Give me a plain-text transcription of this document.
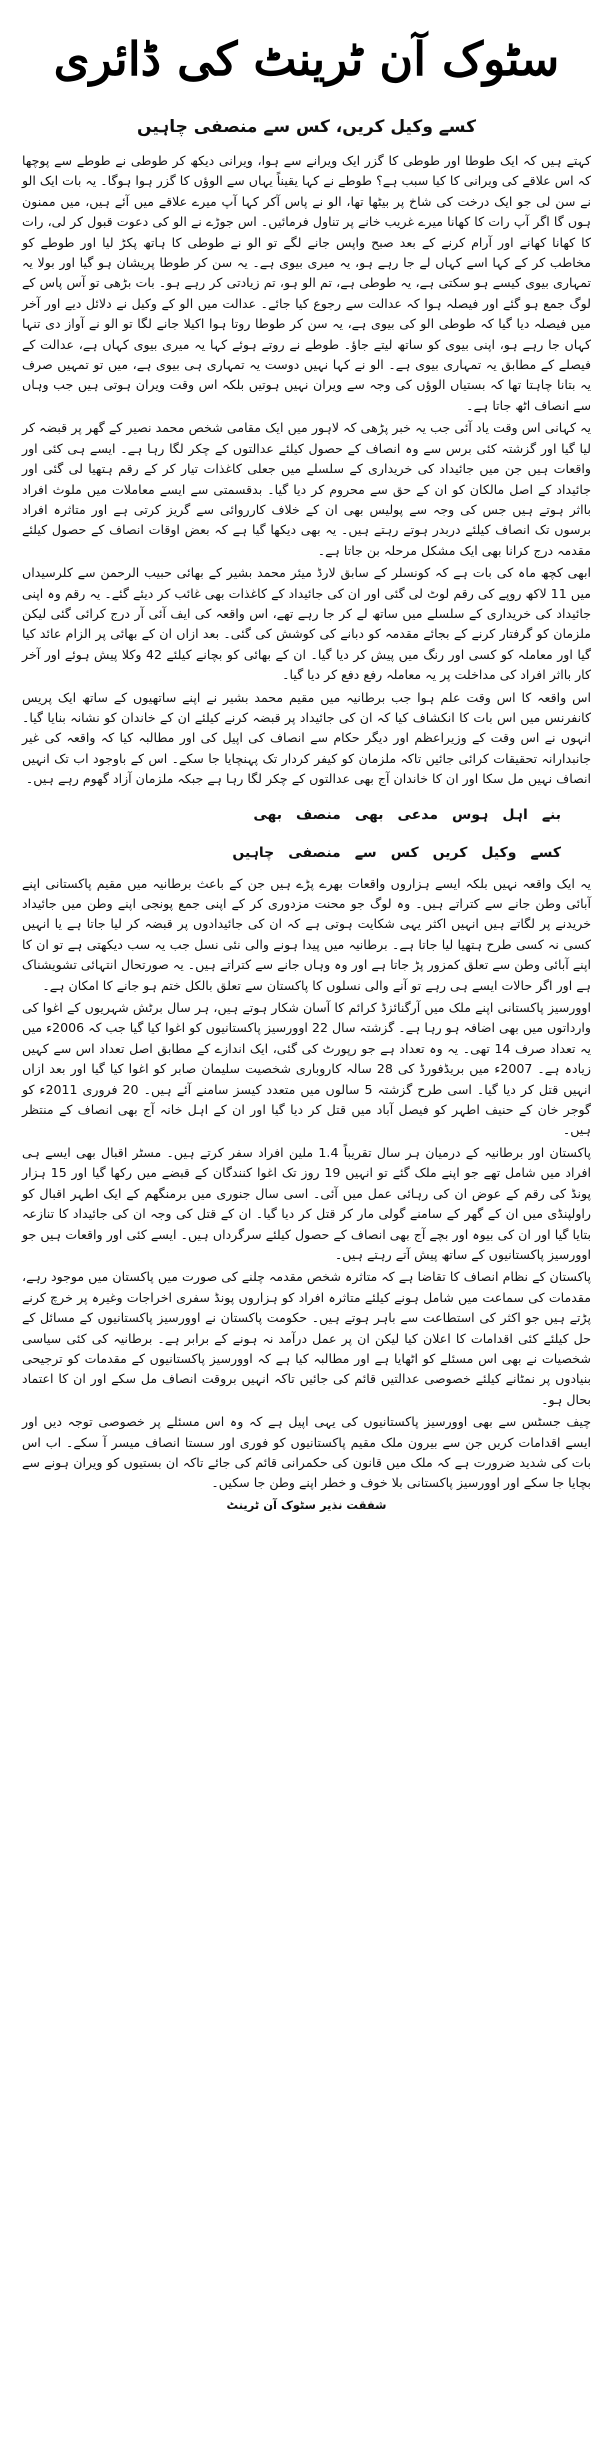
سٹوک آن ٹرینٹ کی ڈائری
کسے وکیل کریں، کس سے منصفی چاہیں

کہتے ہیں کہ ایک طوطا اور طوطی کا گزر ایک ویرانے سے ہوا، ویرانی دیکھ کر طوطی نے طوطے سے پوچھا کہ اس علاقے کی ویرانی کا کیا سبب ہے؟ طوطے نے کہا یقیناً یہاں سے الوؤں کا گزر ہوا ہوگا۔ یہ بات ایک الو نے سن لی جو ایک درخت کی شاخ پر بیٹھا تھا، الو نے پاس آکر کہا آپ میرے علاقے میں آئے ہیں، میں ممنون ہوں گا اگر آپ رات کا کھانا میرے غریب خانے پر تناول فرمائیں۔ اس جوڑے نے الو کی دعوت قبول کر لی، رات کا کھانا کھانے اور آرام کرنے کے بعد صبح واپس جانے لگے تو الو نے طوطی کا ہاتھ پکڑ لیا اور طوطے کو مخاطب کر کے کہا اسے کہاں لے جا رہے ہو، یہ میری بیوی ہے۔ یہ سن کر طوطا پریشان ہو گیا اور بولا یہ تمہاری بیوی کیسے ہو سکتی ہے، یہ طوطی ہے، تم الو ہو، تم زیادتی کر رہے ہو۔ بات بڑھی تو آس پاس کے لوگ جمع ہو گئے اور فیصلہ ہوا کہ عدالت سے رجوع کیا جائے۔ عدالت میں الو کے وکیل نے دلائل دیے اور آخر میں فیصلہ دیا گیا کہ طوطی الو کی بیوی ہے، یہ سن کر طوطا روتا ہوا اکیلا جانے لگا تو الو نے آواز دی تنہا کہاں جا رہے ہو، اپنی بیوی کو ساتھ لیتے جاؤ۔ طوطے نے روتے ہوئے کہا یہ میری بیوی کہاں ہے، عدالت کے فیصلے کے مطابق یہ تمہاری بیوی ہے۔ الو نے کہا نہیں دوست یہ تمہاری ہی بیوی ہے، میں تو تمہیں صرف یہ بتانا چاہتا تھا کہ بستیاں الوؤں کی وجہ سے ویران نہیں ہوتیں بلکہ اس وقت ویران ہوتی ہیں جب وہاں سے انصاف اٹھ جاتا ہے۔

یہ کہانی اس وقت یاد آئی جب یہ خبر پڑھی کہ لاہور میں ایک مقامی شخص محمد نصیر کے گھر پر قبضہ کر لیا گیا اور گزشتہ کئی برس سے وہ انصاف کے حصول کیلئے عدالتوں کے چکر لگا رہا ہے۔ ایسے ہی کئی اور واقعات ہیں جن میں جائیداد کی خریداری کے سلسلے میں جعلی کاغذات تیار کر کے رقم ہتھیا لی گئی اور جائیداد کے اصل مالکان کو ان کے حق سے محروم کر دیا گیا۔ بدقسمتی سے ایسے معاملات میں ملوث افراد بااثر ہوتے ہیں جس کی وجہ سے پولیس بھی ان کے خلاف کارروائی سے گریز کرتی ہے اور متاثرہ افراد برسوں تک انصاف کیلئے دربدر ہوتے رہتے ہیں۔ یہ بھی دیکھا گیا ہے کہ بعض اوقات انصاف کے حصول کیلئے مقدمہ درج کرانا بھی ایک مشکل مرحلہ بن جاتا ہے۔

ابھی کچھ ماہ کی بات ہے کہ کونسلر کے سابق لارڈ میئر محمد بشیر کے بھائی حبیب الرحمن سے کلرسیداں میں 11 لاکھ روپے کی رقم لوٹ لی گئی اور ان کی جائیداد کے کاغذات بھی غائب کر دیئے گئے۔ یہ رقم وہ اپنی جائیداد کی خریداری کے سلسلے میں ساتھ لے کر جا رہے تھے، اس واقعہ کی ایف آئی آر درج کرائی گئی لیکن ملزمان کو گرفتار کرنے کے بجائے مقدمہ کو دبانے کی کوشش کی گئی۔ بعد ازاں ان کے بھائی پر الزام عائد کیا گیا اور معاملہ کو کسی اور رنگ میں پیش کر دیا گیا۔ ان کے بھائی کو بچانے کیلئے 42 وکلا پیش ہوئے اور آخر کار بااثر افراد کی مداخلت پر یہ معاملہ رفع دفع کر دیا گیا۔

اس واقعہ کا اس وقت علم ہوا جب برطانیہ میں مقیم محمد بشیر نے اپنے ساتھیوں کے ساتھ ایک پریس کانفرنس میں اس بات کا انکشاف کیا کہ ان کی جائیداد پر قبضہ کرنے کیلئے ان کے خاندان کو نشانہ بنایا گیا۔ انہوں نے اس وقت کے وزیراعظم اور دیگر حکام سے انصاف کی اپیل کی اور مطالبہ کیا کہ واقعہ کی غیر جانبدارانہ تحقیقات کرائی جائیں تاکہ ملزمان کو کیفر کردار تک پہنچایا جا سکے۔ اس کے باوجود اب تک انہیں انصاف نہیں مل سکا اور ان کا خاندان آج بھی عدالتوں کے چکر لگا رہا ہے جبکہ ملزمان آزاد گھوم رہے ہیں۔

بنے
اہل
ہوس
مدعی
بھی
منصف
بھی
کسے
وکیل
کریں
کس
سے
منصفی
چاہیں

یہ ایک واقعہ نہیں بلکہ ایسے ہزاروں واقعات بھرے پڑے ہیں جن کے باعث برطانیہ میں مقیم پاکستانی اپنے آبائی وطن جانے سے کتراتے ہیں۔ وہ لوگ جو محنت مزدوری کر کے اپنی جمع پونجی اپنے وطن میں جائیداد خریدنے پر لگاتے ہیں انہیں اکثر یہی شکایت ہوتی ہے کہ ان کی جائیدادوں پر قبضہ کر لیا جاتا ہے یا انہیں کسی نہ کسی طرح ہتھیا لیا جاتا ہے۔ برطانیہ میں پیدا ہونے والی نئی نسل جب یہ سب دیکھتی ہے تو ان کا اپنے آبائی وطن سے تعلق کمزور پڑ جاتا ہے اور وہ وہاں جانے سے کتراتے ہیں۔ یہ صورتحال انتہائی تشویشناک ہے اور اگر حالات ایسے ہی رہے تو آنے والی نسلوں کا پاکستان سے تعلق بالکل ختم ہو جانے کا امکان ہے۔

اوورسیز پاکستانی اپنے ملک میں آرگنائزڈ کرائم کا آسان شکار ہوتے ہیں، ہر سال برٹش شہریوں کے اغوا کی وارداتوں میں بھی اضافہ ہو رہا ہے۔ گزشتہ سال 22 اوورسیز پاکستانیوں کو اغوا کیا گیا جب کہ 2006ء میں یہ تعداد صرف 14 تھی۔ یہ وہ تعداد ہے جو رپورٹ کی گئی، ایک اندازے کے مطابق اصل تعداد اس سے کہیں زیادہ ہے۔ 2007ء میں بریڈفورڈ کی 28 سالہ کاروباری شخصیت سلیمان صابر کو اغوا کیا گیا اور بعد ازاں انہیں قتل کر دیا گیا۔ اسی طرح گزشتہ 5 سالوں میں متعدد کیسز سامنے آئے ہیں۔ 20 فروری 2011ء کو گوجر خان کے حنیف اطہر کو فیصل آباد میں قتل کر دیا گیا اور ان کے اہل خانہ آج بھی انصاف کے منتظر ہیں۔

پاکستان اور برطانیہ کے درمیان ہر سال تقریباً 1.4 ملین افراد سفر کرتے ہیں۔ مسٹر اقبال بھی ایسے ہی افراد میں شامل تھے جو اپنے ملک گئے تو انہیں 19 روز تک اغوا کنندگان کے قبضے میں رکھا گیا اور 15 ہزار پونڈ کی رقم کے عوض ان کی رہائی عمل میں آئی۔ اسی سال جنوری میں برمنگھم کے ایک اطہر اقبال کو راولپنڈی میں ان کے گھر کے سامنے گولی مار کر قتل کر دیا گیا۔ ان کے قتل کی وجہ ان کی جائیداد کا تنازعہ بتایا گیا اور ان کی بیوہ اور بچے آج بھی انصاف کے حصول کیلئے سرگرداں ہیں۔ ایسے کئی اور واقعات ہیں جو اوورسیز پاکستانیوں کے ساتھ پیش آتے رہتے ہیں۔

پاکستان کے نظام انصاف کا تقاضا ہے کہ متاثرہ شخص مقدمہ چلنے کی صورت میں پاکستان میں موجود رہے، مقدمات کی سماعت میں شامل ہونے کیلئے متاثرہ افراد کو ہزاروں پونڈ سفری اخراجات وغیرہ پر خرچ کرنے پڑتے ہیں جو اکثر کی استطاعت سے باہر ہوتے ہیں۔ حکومت پاکستان نے اوورسیز پاکستانیوں کے مسائل کے حل کیلئے کئی اقدامات کا اعلان کیا لیکن ان پر عمل درآمد نہ ہونے کے برابر ہے۔ برطانیہ کی کئی سیاسی شخصیات نے بھی اس مسئلے کو اٹھایا ہے اور مطالبہ کیا ہے کہ اوورسیز پاکستانیوں کے مقدمات کو ترجیحی بنیادوں پر نمٹانے کیلئے خصوصی عدالتیں قائم کی جائیں تاکہ انہیں بروقت انصاف مل سکے اور ان کا اعتماد بحال ہو۔

چیف جسٹس سے بھی اوورسیز پاکستانیوں کی یہی اپیل ہے کہ وہ اس مسئلے پر خصوصی توجہ دیں اور ایسے اقدامات کریں جن سے بیرون ملک مقیم پاکستانیوں کو فوری اور سستا انصاف میسر آ سکے۔ اب اس بات کی شدید ضرورت ہے کہ ملک میں قانون کی حکمرانی قائم کی جائے تاکہ ان بستیوں کو ویران ہونے سے بچایا جا سکے اور اوورسیز پاکستانی بلا خوف و خطر اپنے وطن جا سکیں۔

شفقت نذیر سٹوک آن ٹرینٹ
